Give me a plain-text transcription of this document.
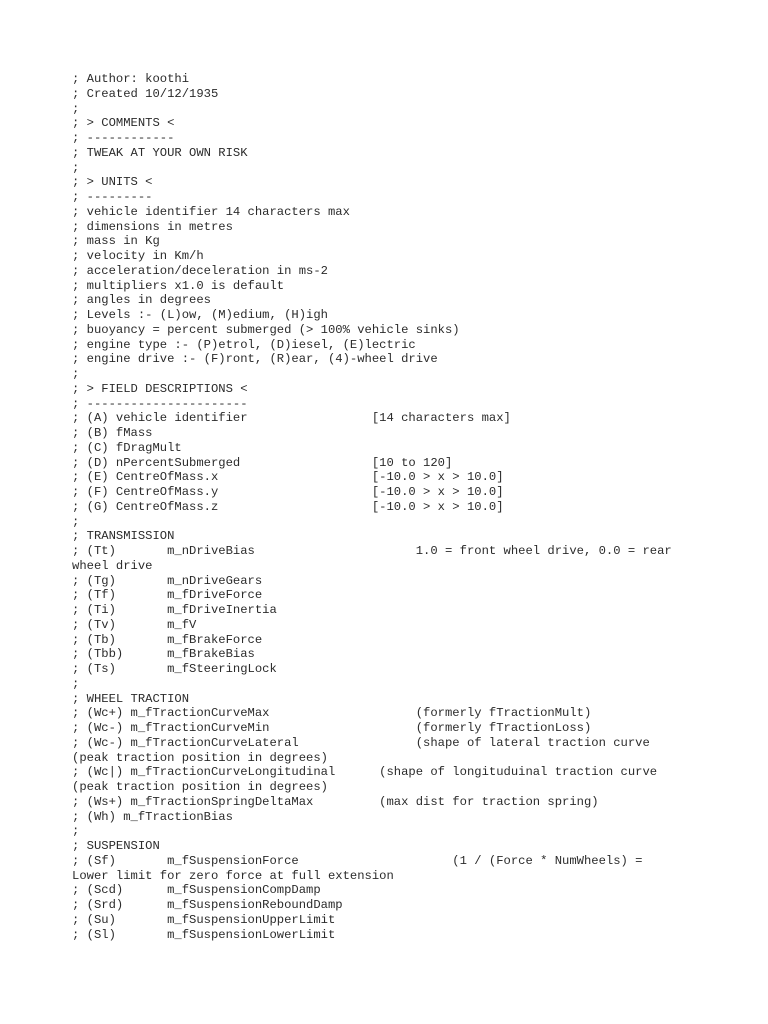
; Author: koothi
; Created 10/12/1935
;
; > COMMENTS <
; ------------
; TWEAK AT YOUR OWN RISK
;
; > UNITS <
; ---------
; vehicle identifier 14 characters max
; dimensions in metres
; mass in Kg
; velocity in Km/h
; acceleration/deceleration in ms-2
; multipliers x1.0 is default
; angles in degrees
; Levels :- (L)ow, (M)edium, (H)igh
; buoyancy = percent submerged (> 100% vehicle sinks)
; engine type :- (P)etrol, (D)iesel, (E)lectric
; engine drive :- (F)ront, (R)ear, (4)-wheel drive
;
; > FIELD DESCRIPTIONS <
; ----------------------
; (A) vehicle identifier                 [14 characters max]
; (B) fMass
; (C) fDragMult
; (D) nPercentSubmerged                  [10 to 120]
; (E) CentreOfMass.x                     [-10.0 > x > 10.0]
; (F) CentreOfMass.y                     [-10.0 > x > 10.0]
; (G) CentreOfMass.z                     [-10.0 > x > 10.0]
;
; TRANSMISSION
; (Tt)       m_nDriveBias                      1.0 = front wheel drive, 0.0 = rear
wheel drive
; (Tg)       m_nDriveGears
; (Tf)       m_fDriveForce
; (Ti)       m_fDriveInertia
; (Tv)       m_fV
; (Tb)       m_fBrakeForce
; (Tbb)      m_fBrakeBias
; (Ts)       m_fSteeringLock
;
; WHEEL TRACTION
; (Wc+) m_fTractionCurveMax                    (formerly fTractionMult)
; (Wc-) m_fTractionCurveMin                    (formerly fTractionLoss)
; (Wc-) m_fTractionCurveLateral                (shape of lateral traction curve
(peak traction position in degrees)
; (Wc|) m_fTractionCurveLongitudinal      (shape of longituduinal traction curve
(peak traction position in degrees)
; (Ws+) m_fTractionSpringDeltaMax         (max dist for traction spring)
; (Wh) m_fTractionBias
;
; SUSPENSION
; (Sf)       m_fSuspensionForce                     (1 / (Force * NumWheels) =
Lower limit for zero force at full extension
; (Scd)      m_fSuspensionCompDamp
; (Srd)      m_fSuspensionReboundDamp
; (Su)       m_fSuspensionUpperLimit
; (Sl)       m_fSuspensionLowerLimit
